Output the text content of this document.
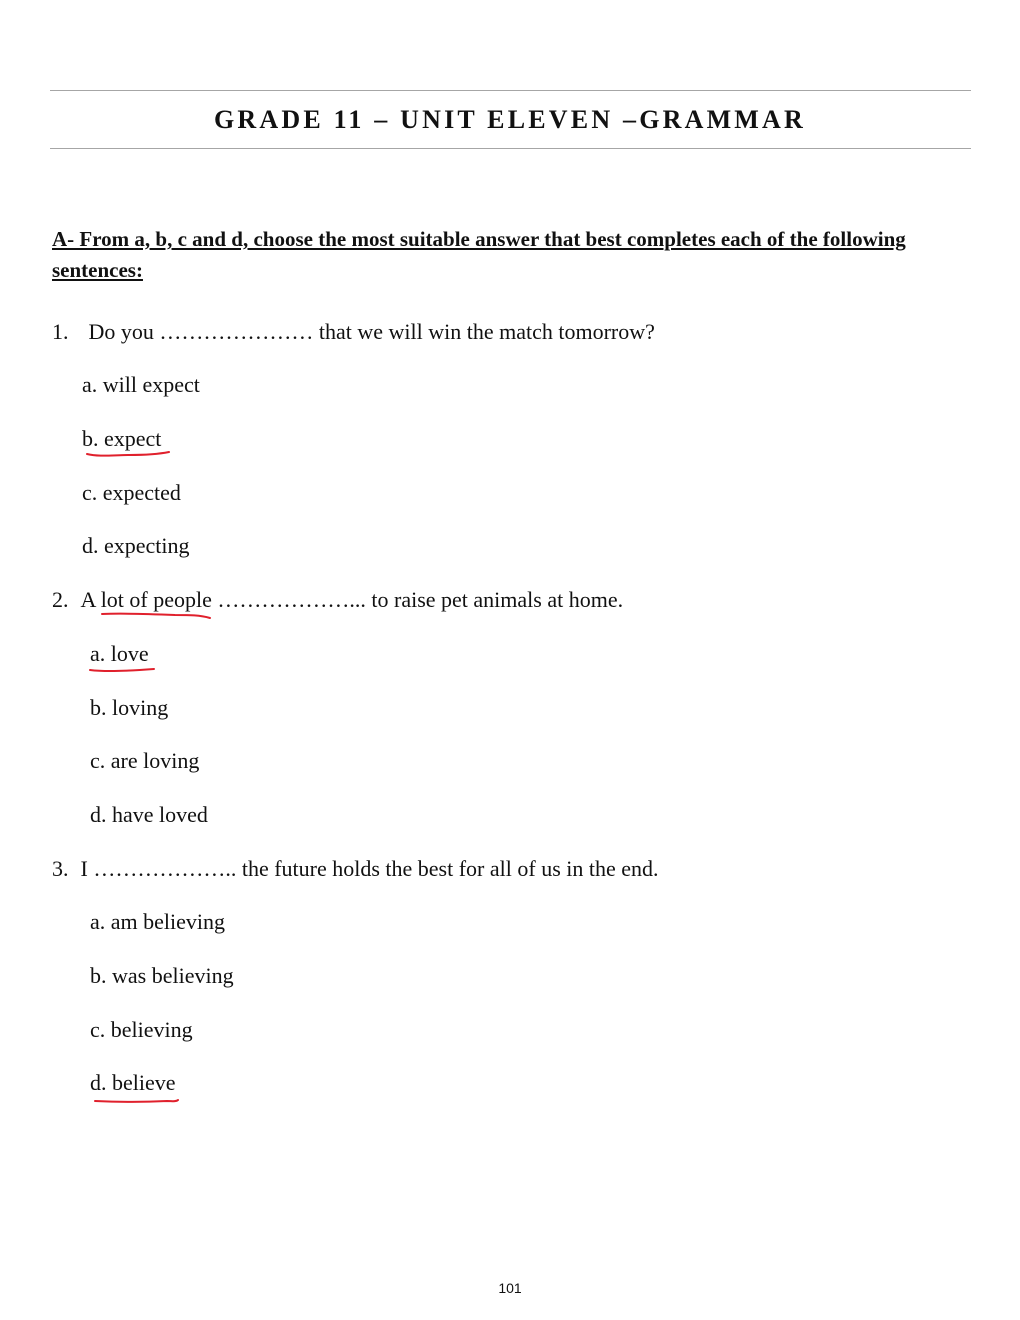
GRADE 11 – UNIT ELEVEN –GRAMMAR
A- From a, b, c and d, choose the most suitable answer that best completes each of the following sentences:
1. Do you ………………… that we will win the match tomorrow?
a. will expect
b. expect
c. expected
d. expecting
2. A lot of people ………………... to raise pet animals at home.
a. love
b. loving
c. are loving
d. have loved
3. I ……………….. the future holds the best for all of us in the end.
a. am believing
b. was believing
c. believing
d. believe
101
